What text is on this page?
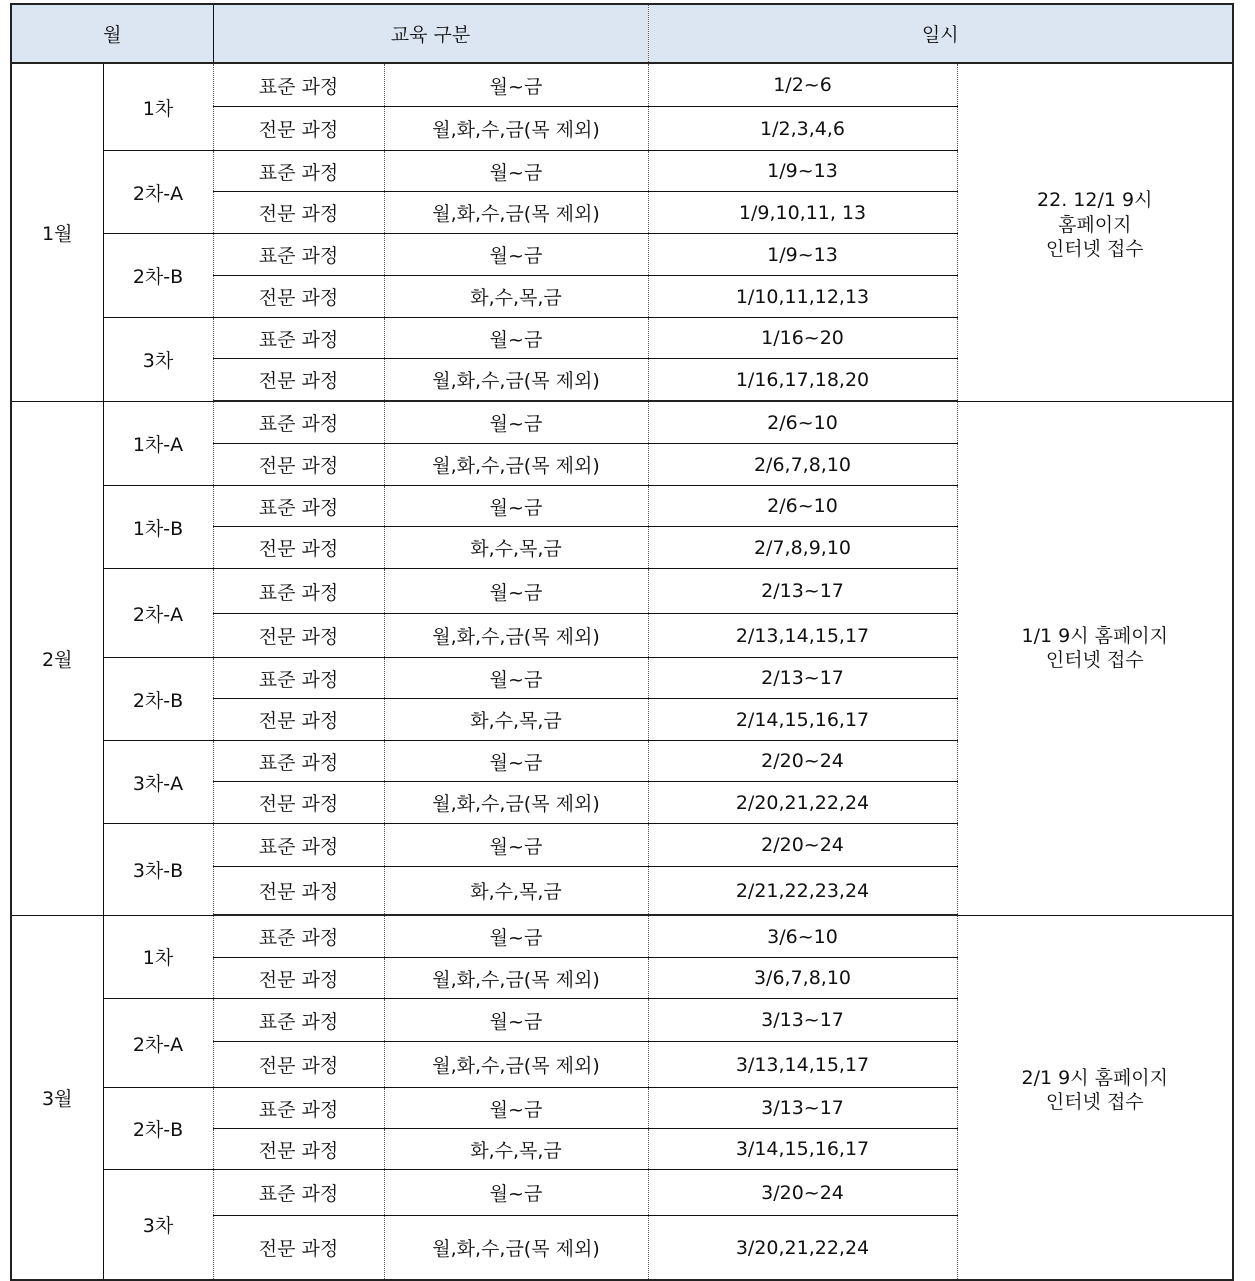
월		교육 구분		일시	
1월	1차	표준 과정	월~금	1/2~6	22. 12/1 9시
홈페이지
인터넷 접수

		전문 과정	월,화,수,금(목 제외)	1/2,3,4,6	
	2차-A	표준 과정	월~금	1/9~13	
		전문 과정	월,화,수,금(목 제외)	1/9,10,11, 13	
	2차-B	표준 과정	월~금	1/9~13	
		전문 과정	화,수,목,금	1/10,11,12,13	
	3차	표준 과정	월~금	1/16~20	
		전문 과정	월,화,수,금(목 제외)	1/16,17,18,20	
2월	1차-A	표준 과정	월~금	2/6~10	1/1 9시 홈페이지
인터넷 접수

		전문 과정	월,화,수,금(목 제외)	2/6,7,8,10	
	1차-B	표준 과정	월~금	2/6~10	
		전문 과정	화,수,목,금	2/7,8,9,10	
	2차-A	표준 과정	월~금	2/13~17	
		전문 과정	월,화,수,금(목 제외)	2/13,14,15,17	
	2차-B	표준 과정	월~금	2/13~17	
		전문 과정	화,수,목,금	2/14,15,16,17	
	3차-A	표준 과정	월~금	2/20~24	
		전문 과정	월,화,수,금(목 제외)	2/20,21,22,24	
	3차-B	표준 과정	월~금	2/20~24	
		전문 과정	화,수,목,금	2/21,22,23,24	
3월	1차	표준 과정	월~금	3/6~10	2/1 9시 홈페이지
인터넷 접수

		전문 과정	월,화,수,금(목 제외)	3/6,7,8,10	
	2차-A	표준 과정	월~금	3/13~17	
		전문 과정	월,화,수,금(목 제외)	3/13,14,15,17	
	2차-B	표준 과정	월~금	3/13~17	
		전문 과정	화,수,목,금	3/14,15,16,17	
	3차	표준 과정	월~금	3/20~24	
		전문 과정	월,화,수,금(목 제외)	3/20,21,22,24	
